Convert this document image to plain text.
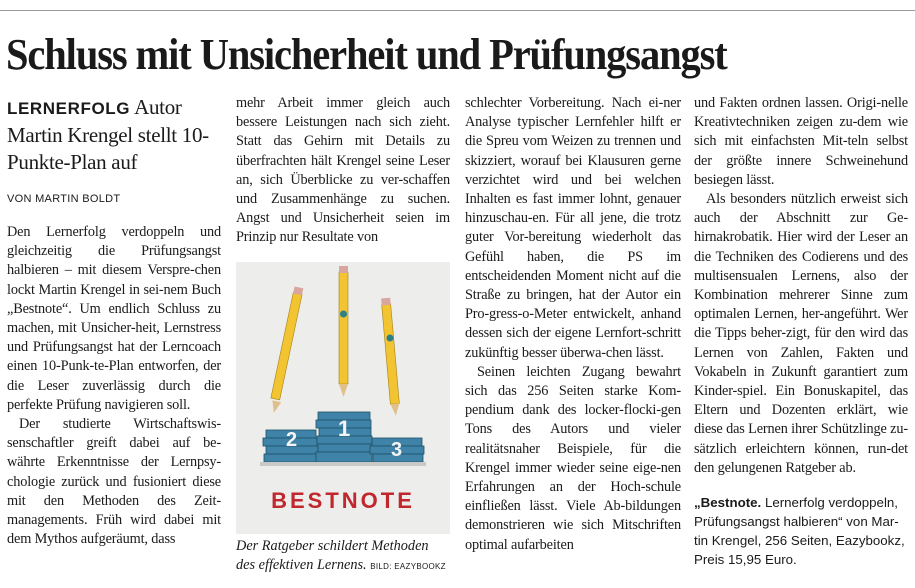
Schluss mit Unsicherheit und Prüfungsangst

LERNERFOLG Autor Martin Krengel stellt 10-Punkte-Plan auf

VON MARTIN BOLDT

Den Lernerfolg verdoppeln und gleichzeitig die Prüfungsangst halbieren – mit diesem Verspre-chen lockt Martin Krengel in sei-nem Buch „Bestnote“. Um endlich Schluss zu machen, mit Unsicher-heit, Lernstress und Prüfungsangst hat der Lerncoach einen 10-Punk-te-Plan entworfen, der die Leser zuverlässig durch die perfekte Prüfung navigieren soll.

Der studierte Wirtschaftswis-senschaftler greift dabei auf be-währte Erkenntnisse der Lernpsy-chologie zurück und fusioniert diese mit den Methoden des Zeit-managements. Früh wird dabei mit dem Mythos aufgeräumt, dass

mehr Arbeit immer gleich auch bessere Leistungen nach sich zieht. Statt das Gehirn mit Details zu überfrachten hält Krengel seine Leser an, sich Überblicke zu ver-schaffen und Zusammenhänge zu suchen. Angst und Unsicherheit seien im Prinzip nur Resultate von

2 1
3
BESTNOTE
Der Ratgeber schildert Methoden des effektiven Lernens. BILD: EAZYBOOKZ

schlechter Vorbereitung. Nach ei-ner Analyse typischer Lernfehler hilft er die Spreu vom Weizen zu trennen und skizziert, worauf bei Klausuren gerne verzichtet wird und bei welchen Inhalten es fast immer lohnt, genauer hinzuschau-en. Für all jene, die trotz guter Vor-bereitung wiederholt das Gefühl haben, die PS im entscheidenden Moment nicht auf die Straße zu bringen, hat der Autor ein Pro-gress-o-Meter entwickelt, anhand dessen sich der eigene Lernfort-schritt zukünftig besser überwa-chen lässt.

Seinen leichten Zugang bewahrt sich das 256 Seiten starke Kom-pendium dank des locker-flocki-gen Tons des Autors und vieler realitätsnaher Beispiele, für die Krengel immer wieder seine eige-nen Erfahrungen an der Hoch-schule einfließen lässt. Viele Ab-bildungen demonstrieren wie sich Mitschriften optimal aufarbeiten

und Fakten ordnen lassen. Origi-nelle Kreativtechniken zeigen zu-dem wie sich mit einfachsten Mit-teln selbst der größte innere Schweinehund besiegen lässt.

Als besonders nützlich erweist sich auch der Abschnitt zur Ge-hirnakrobatik. Hier wird der Leser an die Techniken des Codierens und des multisensualen Lernens, also der Kombination mehrerer Sinne zum optimalen Lernen, her-angeführt. Wer die Tipps beher-zigt, für den wird das Lernen von Zahlen, Fakten und Vokabeln in Zukunft garantiert zum Kinder-spiel. Ein Bonuskapitel, das Eltern und Dozenten erklärt, wie diese das Lernen ihrer Schützlinge zu-sätzlich erleichtern können, run-det den gelungenen Ratgeber ab.

„Bestnote. Lernerfolg verdoppeln, Prüfungsangst halbieren“ von Mar-tin Krengel, 256 Seiten, Eazybookz, Preis 15,95 Euro.
